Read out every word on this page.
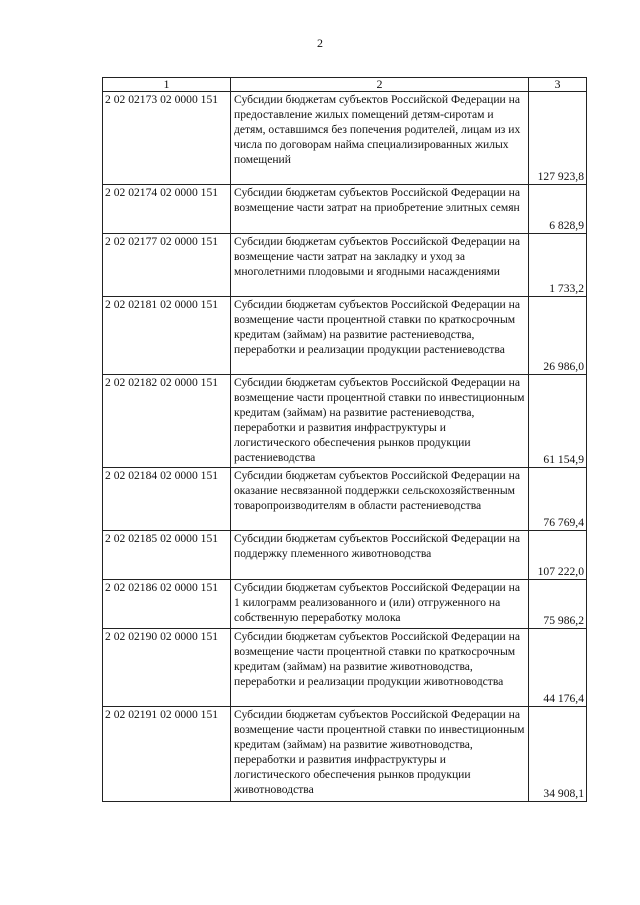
2
1	2	3
2 02 02173 02 0000 151	Субсидии бюджетам субъектов Российской Федерации на предоставление жилых помещений детям-сиротам и детям, оставшимся без попечения родителей, лицам из их числа по договорам найма специализированных жилых помещений	127 923,8
2 02 02174 02 0000 151	Субсидии бюджетам субъектов Российской Федерации на возмещение части затрат на приобретение элитных семян	6 828,9
2 02 02177 02 0000 151	Субсидии бюджетам субъектов Российской Федерации на возмещение части затрат на закладку и уход за многолетними плодовыми и ягодными насаждениями	1 733,2
2 02 02181 02 0000 151	Субсидии бюджетам субъектов Российской Федерации на возмещение части процентной ставки по краткосрочным кредитам (займам) на развитие растениеводства, переработки и реализации продукции растениеводства	26 986,0
2 02 02182 02 0000 151	Субсидии бюджетам субъектов Российской Федерации на возмещение части процентной ставки по инвестиционным кредитам (займам) на развитие растениеводства, переработки и развития инфраструктуры и логистического обеспечения рынков продукции растениеводства	61 154,9
2 02 02184 02 0000 151	Субсидии бюджетам субъектов Российской Федерации на оказание несвязанной поддержки сельскохозяйственным товаропроизводителям в области растениеводства	76 769,4
2 02 02185 02 0000 151	Субсидии бюджетам субъектов Российской Федерации на поддержку племенного животноводства	107 222,0
2 02 02186 02 0000 151	Субсидии бюджетам субъектов Российской Федерации на 1 килограмм реализованного и (или) отгруженного на собственную переработку молока	75 986,2
2 02 02190 02 0000 151	Субсидии бюджетам субъектов Российской Федерации на возмещение части процентной ставки по краткосрочным кредитам (займам) на развитие животноводства, переработки и реализации продукции животноводства	44 176,4
2 02 02191 02 0000 151	Субсидии бюджетам субъектов Российской Федерации на возмещение части процентной ставки по инвестиционным кредитам (займам) на развитие животноводства, переработки и развития инфраструктуры и логистического обеспечения рынков продукции животноводства	34 908,1
